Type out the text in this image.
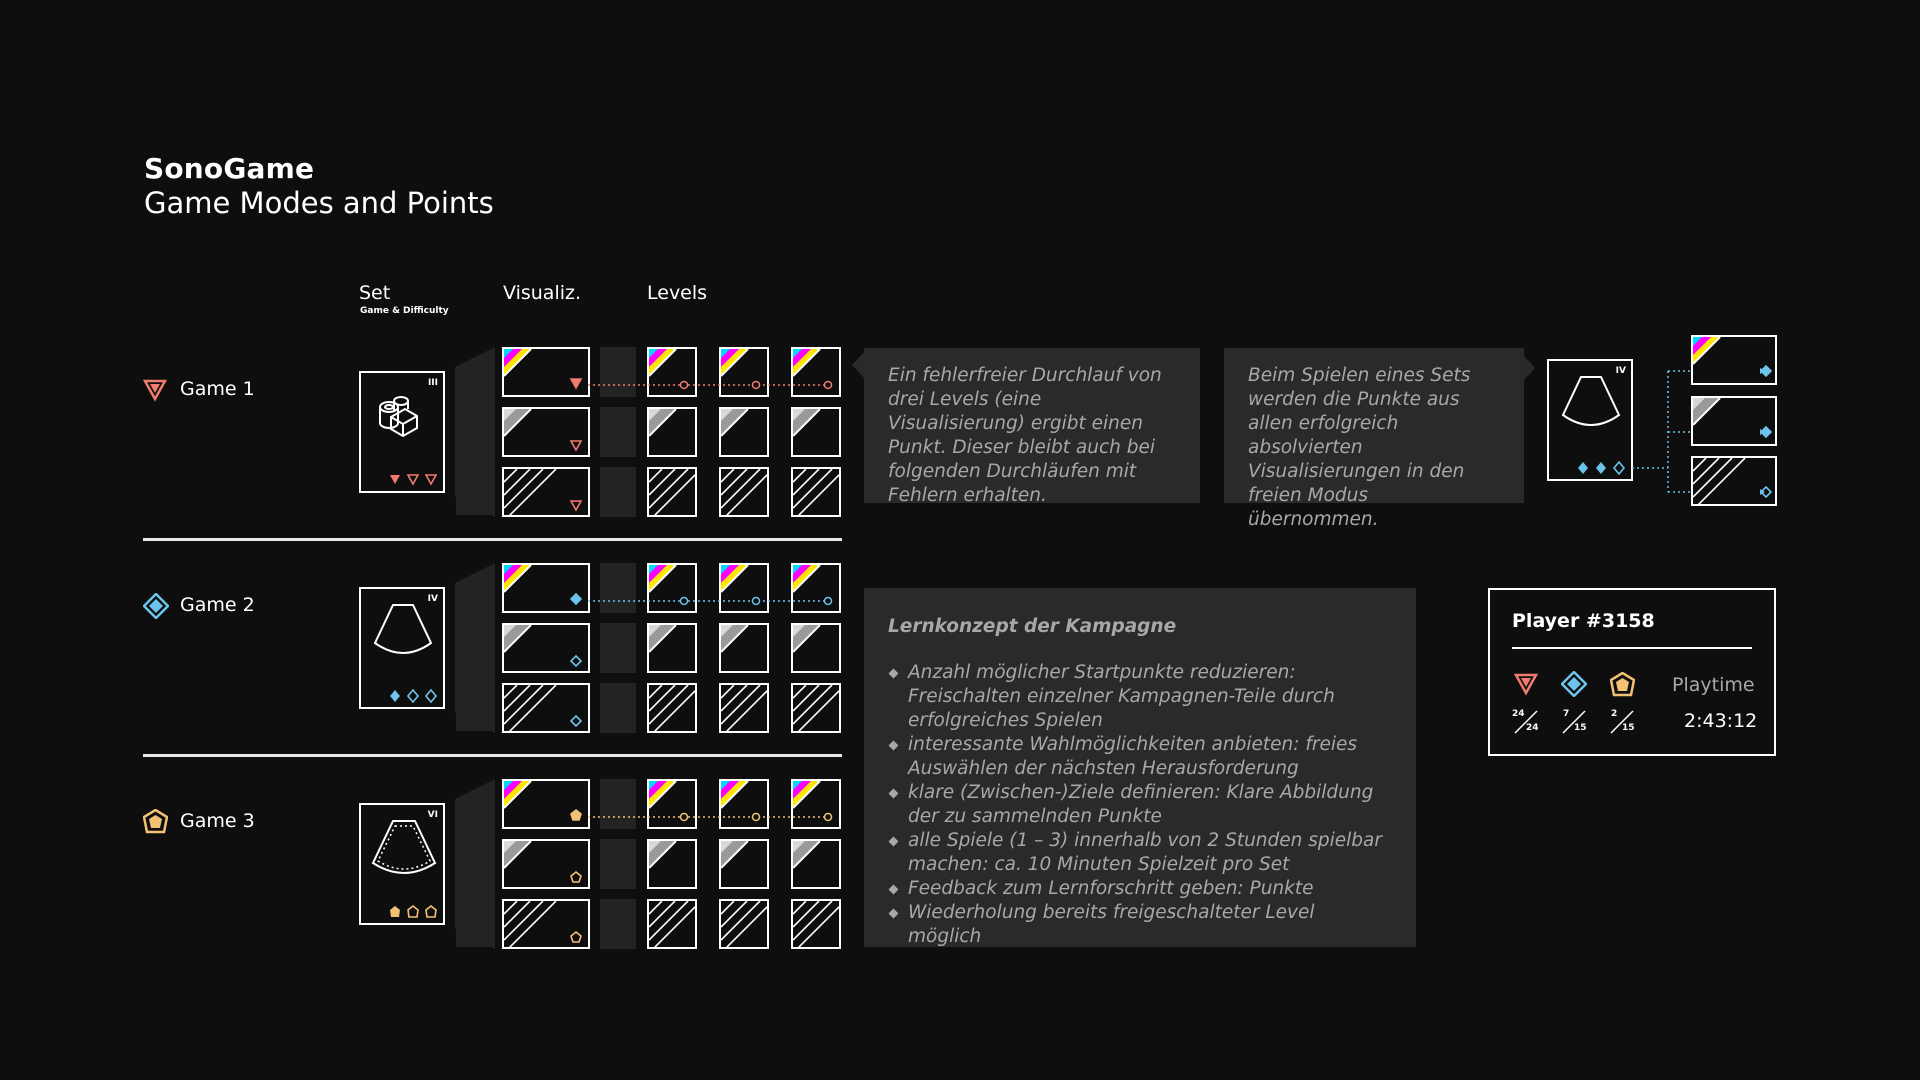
SonoGame
Game Modes and Points
Set
Game & Difficulty
Visualiz.	Levels
Game 1
Game 2
Game 3
III
IV
VI

Ein fehlerfreier Durchlauf von drei Levels (eine Visualisierung) ergibt einen Punkt. Dieser bleibt auch bei folgenden Durchläufen mit Fehlern erhalten.

Beim Spielen eines Sets werden die Punkte aus allen erfolgreich absolvierten Visualisierungen in den freien Modus übernommen.

IV
Lernkonzept der Kampagne
Anzahl möglicher Startpunkte reduzieren: Freischalten einzelner Kampagnen-Teile durch erfolgreiches Spielen
interessante Wahlmöglichkeiten anbieten: freies Auswählen der nächsten Herausforderung
klare (Zwischen-)Ziele definieren: Klare Abbildung der zu sammelnden Punkte
alle Spiele (1 – 3) innerhalb von 2 Stunden spielbar machen: ca. 10 Minuten Spielzeit pro Set
Feedback zum Lernforschritt geben: Punkte
Wiederholung bereits freigeschalteter Level möglich
Player #3158
Playtime
24
24
7
15
2
15	2:43:12
